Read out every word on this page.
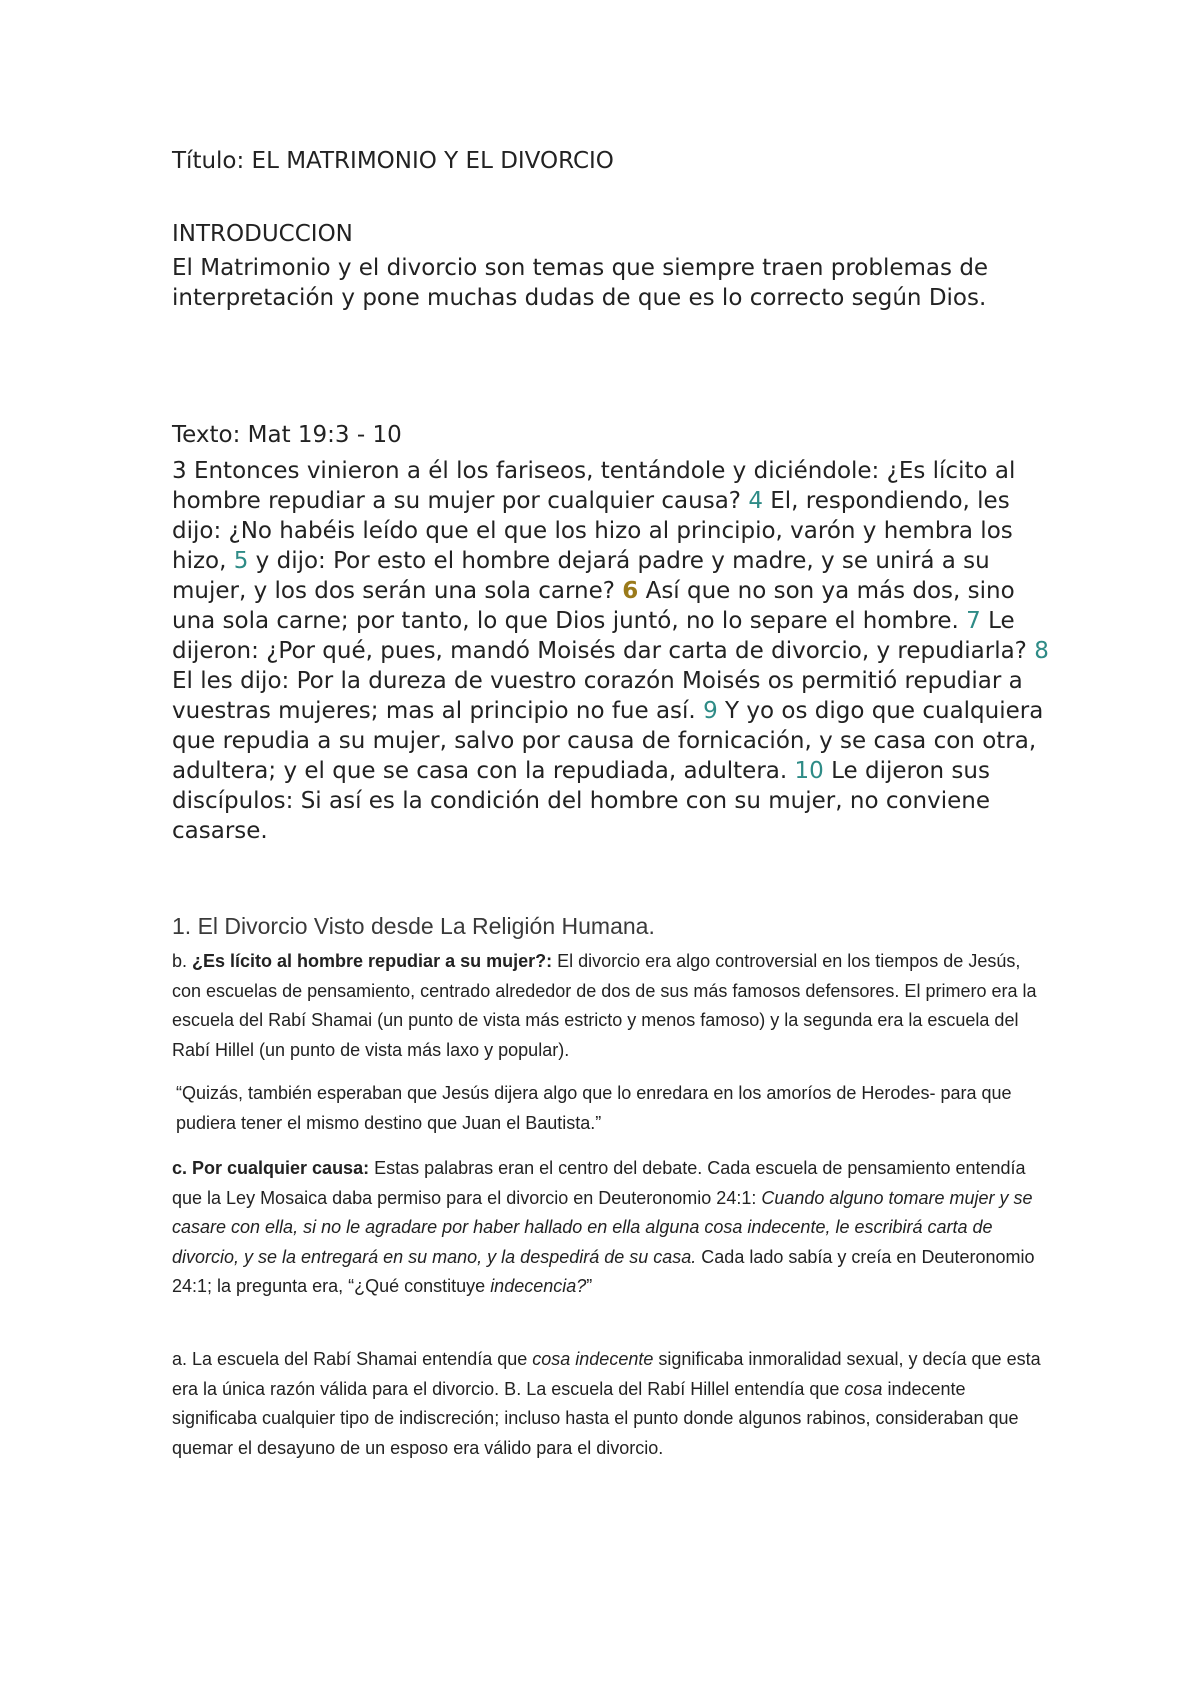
Título: EL MATRIMONIO Y EL DIVORCIO

INTRODUCCION

El Matrimonio y el divorcio son temas que siempre traen problemas de interpretación y pone muchas dudas de que es lo correcto según Dios.

Texto: Mat 19:3 - 10

3 Entonces vinieron a él los fariseos, tentándole y diciéndole: ¿Es lícito al hombre repudiar a su mujer por cualquier causa? 4 El, respondiendo, les dijo: ¿No habéis leído que el que los hizo al principio, varón y hembra los hizo, 5 y dijo: Por esto el hombre dejará padre y madre, y se unirá a su mujer, y los dos serán una sola carne? 6 Así que no son ya más dos, sino una sola carne; por tanto, lo que Dios juntó, no lo separe el hombre. 7 Le dijeron: ¿Por qué, pues, mandó Moisés dar carta de divorcio, y repudiarla? 8 El les dijo: Por la dureza de vuestro corazón Moisés os permitió repudiar a vuestras mujeres; mas al principio no fue así. 9 Y yo os digo que cualquiera que repudia a su mujer, salvo por causa de fornicación, y se casa con otra, adultera; y el que se casa con la repudiada, adultera. 10 Le dijeron sus discípulos: Si así es la condición del hombre con su mujer, no conviene casarse.

1. El Divorcio Visto desde La Religión Humana.

b. ¿Es lícito al hombre repudiar a su mujer?: El divorcio era algo controversial en los tiempos de Jesús, con escuelas de pensamiento, centrado alrededor de dos de sus más famosos defensores. El primero era la escuela del Rabí Shamai (un punto de vista más estricto y menos famoso) y la segunda era la escuela del Rabí Hillel (un punto de vista más laxo y popular).

“Quizás, también esperaban que Jesús dijera algo que lo enredara en los amoríos de Herodes- para que pudiera tener el mismo destino que Juan el Bautista.”

c. Por cualquier causa: Estas palabras eran el centro del debate. Cada escuela de pensamiento entendía que la Ley Mosaica daba permiso para el divorcio en Deuteronomio 24:1: Cuando alguno tomare mujer y se casare con ella, si no le agradare por haber hallado en ella alguna cosa indecente, le escribirá carta de divorcio, y se la entregará en su mano, y la despedirá de su casa. Cada lado sabía y creía en Deuteronomio 24:1; la pregunta era, “¿Qué constituye indecencia?”

a. La escuela del Rabí Shamai entendía que cosa indecente significaba inmoralidad sexual, y decía que esta era la única razón válida para el divorcio. B. La escuela del Rabí Hillel entendía que cosa indecente significaba cualquier tipo de indiscreción; incluso hasta el punto donde algunos rabinos, consideraban que quemar el desayuno de un esposo era válido para el divorcio.
